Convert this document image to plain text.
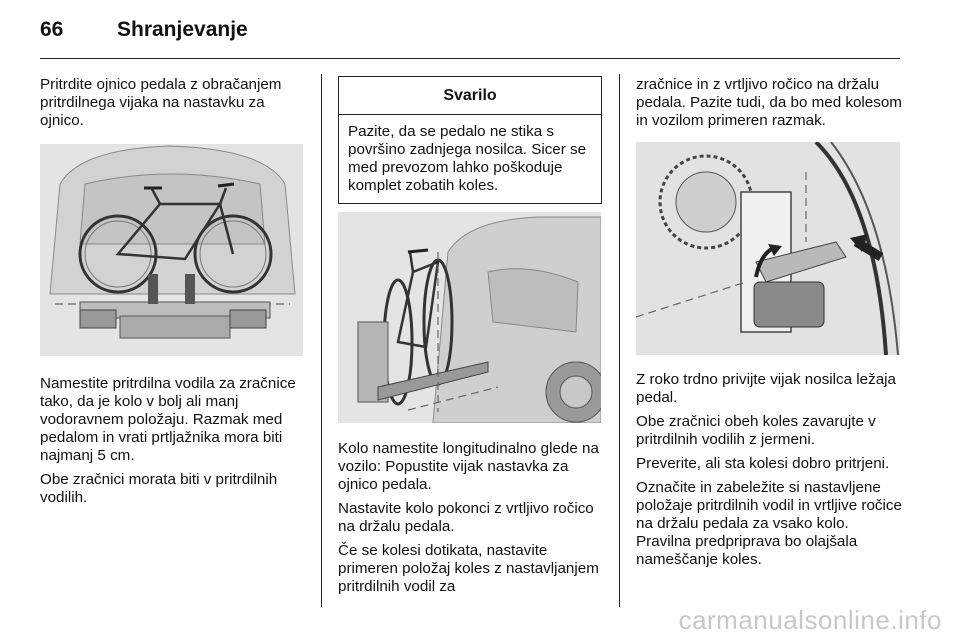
66	Shranjevanje

Pritrdite ojnico pedala z obračanjem pritrdilnega vijaka na nastavku za ojnico.

Namestite pritrdilna vodila za zračnice tako, da je kolo v bolj ali manj vodoravnem položaju. Razmak med pedalom in vrati prtljažnika mora biti najmanj 5 cm.

Obe zračnici morata biti v pritrdilnih vodilih.

Svarilo
Pazite, da se pedalo ne stika s površino zadnjega nosilca. Sicer se med prevozom lahko poškoduje komplet zobatih koles.

Kolo namestite longitudinalno glede na vozilo: Popustite vijak nastavka za ojnico pedala.

Nastavite kolo pokonci z vrtljivo ročico na držalu pedala.

Če se kolesi dotikata, nastavite primeren položaj koles z nastavljanjem pritrdilnih vodil za

zračnice in z vrtljivo ročico na držalu pedala. Pazite tudi, da bo med kolesom in vozilom primeren razmak.

Z roko trdno privijte vijak nosilca ležaja pedal.

Obe zračnici obeh koles zavarujte v pritrdilnih vodilih z jermeni.

Preverite, ali sta kolesi dobro pritrjeni.

Označite in zabeležite si nastavljene položaje pritrdilnih vodil in vrtljive ročice na držalu pedala za vsako kolo. Pravilna predpriprava bo olajšala nameščanje koles.

carmanualsonline.info
